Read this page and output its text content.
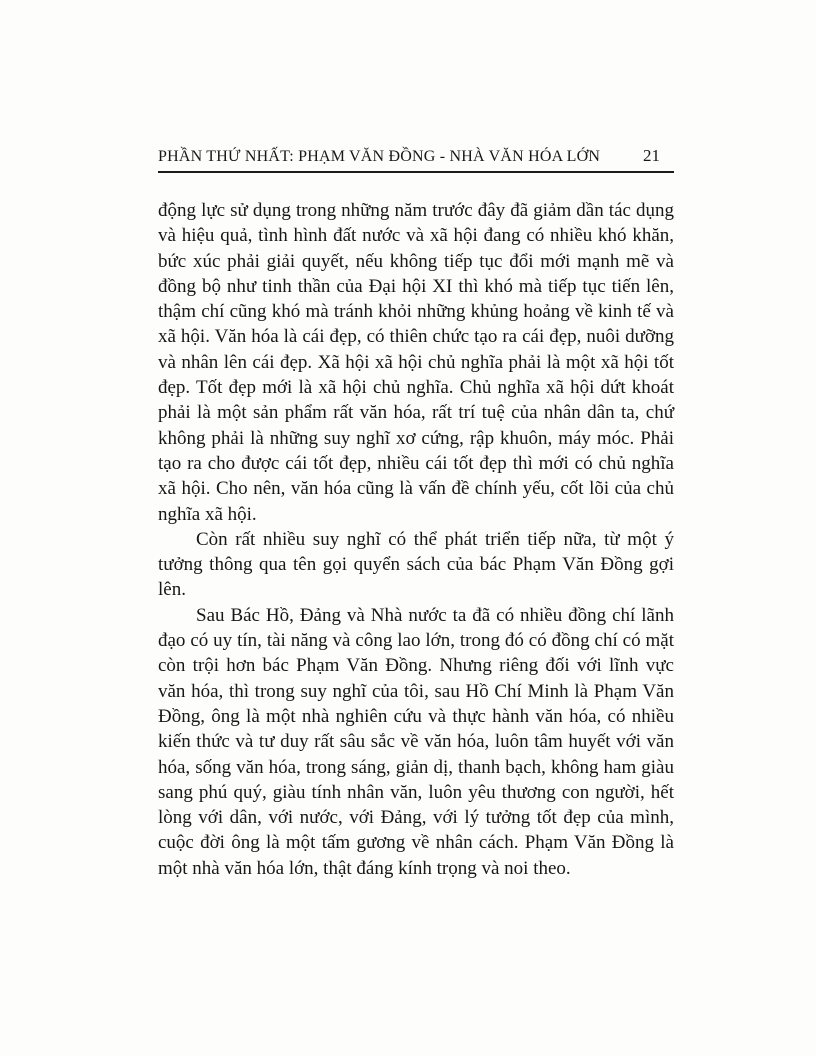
PHẦN THỨ NHẤT: PHẠM VĂN ĐỒNG - NHÀ VĂN HÓA LỚN	21

động lực sử dụng trong những năm trước đây đã giảm dần tác dụng và hiệu quả, tình hình đất nước và xã hội đang có nhiều khó khăn, bức xúc phải giải quyết, nếu không tiếp tục đổi mới mạnh mẽ và đồng bộ như tinh thần của Đại hội XI thì khó mà tiếp tục tiến lên, thậm chí cũng khó mà tránh khỏi những khủng hoảng về kinh tế và xã hội. Văn hóa là cái đẹp, có thiên chức tạo ra cái đẹp, nuôi dưỡng và nhân lên cái đẹp. Xã hội xã hội chủ nghĩa phải là một xã hội tốt đẹp. Tốt đẹp mới là xã hội chủ nghĩa. Chủ nghĩa xã hội dứt khoát phải là một sản phẩm rất văn hóa, rất trí tuệ của nhân dân ta, chứ không phải là những suy nghĩ xơ cứng, rập khuôn, máy móc. Phải tạo ra cho được cái tốt đẹp, nhiều cái tốt đẹp thì mới có chủ nghĩa xã hội. Cho nên, văn hóa cũng là vấn đề chính yếu, cốt lõi của chủ nghĩa xã hội.

Còn rất nhiều suy nghĩ có thể phát triển tiếp nữa, từ một ý tưởng thông qua tên gọi quyển sách của bác Phạm Văn Đồng gợi lên.

Sau Bác Hồ, Đảng và Nhà nước ta đã có nhiều đồng chí lãnh đạo có uy tín, tài năng và công lao lớn, trong đó có đồng chí có mặt còn trội hơn bác Phạm Văn Đồng. Nhưng riêng đối với lĩnh vực văn hóa, thì trong suy nghĩ của tôi, sau Hồ Chí Minh là Phạm Văn Đồng, ông là một nhà nghiên cứu và thực hành văn hóa, có nhiều kiến thức và tư duy rất sâu sắc về văn hóa, luôn tâm huyết với văn hóa, sống văn hóa, trong sáng, giản dị, thanh bạch, không ham giàu sang phú quý, giàu tính nhân văn, luôn yêu thương con người, hết lòng với dân, với nước, với Đảng, với lý tưởng tốt đẹp của mình, cuộc đời ông là một tấm gương về nhân cách. Phạm Văn Đồng là một nhà văn hóa lớn, thật đáng kính trọng và noi theo.
